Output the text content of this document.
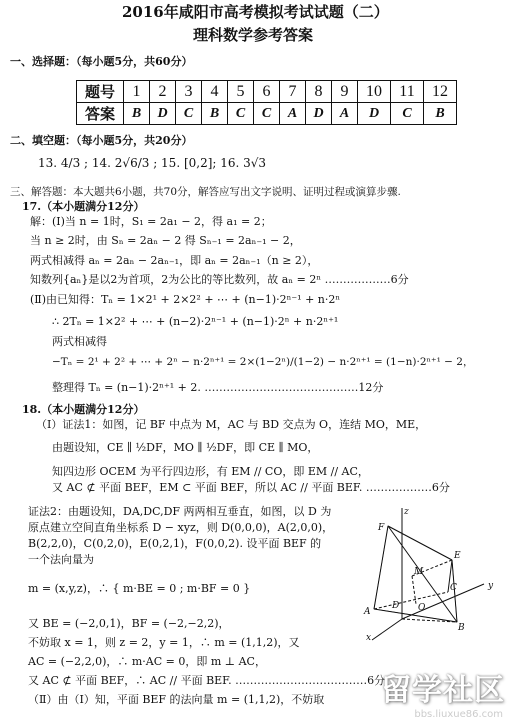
2016年咸阳市高考模拟考试试题（二）
理科数学参考答案
一、选择题：（每小题5分，共60分）
题号	1	2	3	4	5	6	7	8	9	10	11	12
答案	B	D	C	B	C	C	A	D	A	D	C	B
二、填空题：（每小题5分，共20分）
13. 4/3 ; 14. 2√6/3 ; 15. [0,2]; 16. 3√3
三、解答题：本大题共6小题，共70分，解答应写出文字说明、证明过程或演算步骤.
17.（本小题满分12分）
解：(Ⅰ)当 n = 1时，S₁ = 2a₁ − 2，得 a₁ = 2；
当 n ≥ 2时，由 Sₙ = 2aₙ − 2 得 Sₙ₋₁ = 2aₙ₋₁ − 2，
两式相减得 aₙ = 2aₙ − 2aₙ₋₁，即 aₙ = 2aₙ₋₁（n ≥ 2），
知数列{aₙ}是以2为首项，2为公比的等比数列，故 aₙ = 2ⁿ ………………6分
(Ⅱ)由已知得：Tₙ = 1×2¹ + 2×2² + ⋯ + (n−1)·2ⁿ⁻¹ + n·2ⁿ
∴ 2Tₙ = 1×2² + ⋯ + (n−2)·2ⁿ⁻¹ + (n−1)·2ⁿ + n·2ⁿ⁺¹
两式相减得
−Tₙ = 2¹ + 2² + ⋯ + 2ⁿ − n·2ⁿ⁺¹ = 2×(1−2ⁿ)/(1−2) − n·2ⁿ⁺¹ = (1−n)·2ⁿ⁺¹ − 2，
整理得 Tₙ = (n−1)·2ⁿ⁺¹ + 2. ……………………………………12分
18.（本小题满分12分）
（Ⅰ）证法1：如图，记 BF 中点为 M，AC 与 BD 交点为 O，连结 MO，ME，
由题设知，CE ∥ ½DF，MO ∥ ½DF，即 CE ∥ MO，
知四边形 OCEM 为平行四边形，有 EM // CO，即 EM // AC，
又 AC ⊄ 平面 BEF，EM ⊂ 平面 BEF，所以 AC // 平面 BEF. ………………6分
证法2：由题设知，DA,DC,DF 两两相互垂直，如图，以 D 为
原点建立空间直角坐标系 D − xyz，则 D(0,0,0)，A(2,0,0)，
B(2,2,0)，C(0,2,0)，E(0,2,1)，F(0,0,2). 设平面 BEF 的
一个法向量为
m = (x,y,z)，∴ { m·BE = 0 ; m·BF = 0 }
又 BE = (−2,0,1)，BF = (−2,−2,2)，
不妨取 x = 1，则 z = 2，y = 1，∴ m = (1,1,2)，又
AC = (−2,2,0)，∴ m·AC = 0，即 m ⊥ AC，
又 AC ⊄ 平面 BEF，∴ AC // 平面 BEF. ………………………………6分
（Ⅱ）由（Ⅰ）知，平面 BEF 的法向量 m = (1,1,2)，不妨取
z
F
E
M
D
C	y
A	O
B
x
留学社区
bbs.liuxue86.com
